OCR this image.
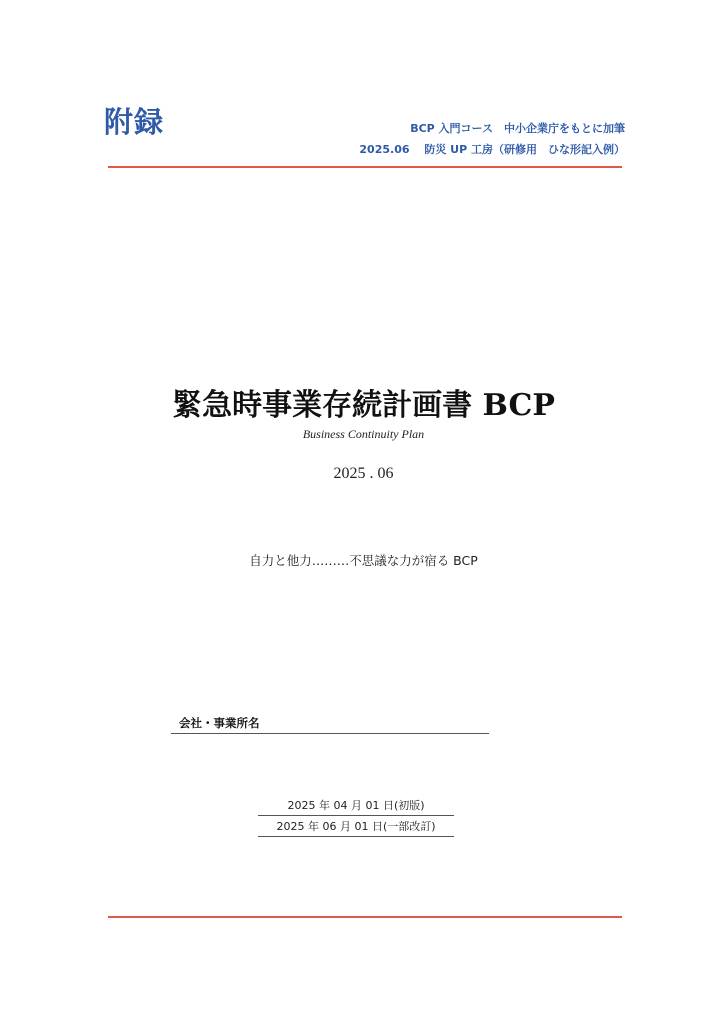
附録	BCP 入門コース　中小企業庁をもとに加筆
2025.06　 防災 UP 工房（研修用　ひな形記入例）
緊急時事業存続計画書 BCP
Business Continuity Plan
2025 . 06
自力と他力………不思議な力が宿る BCP
会社・事業所名
2025 年 04 月 01 日(初版)
2025 年 06 月 01 日(一部改訂)
